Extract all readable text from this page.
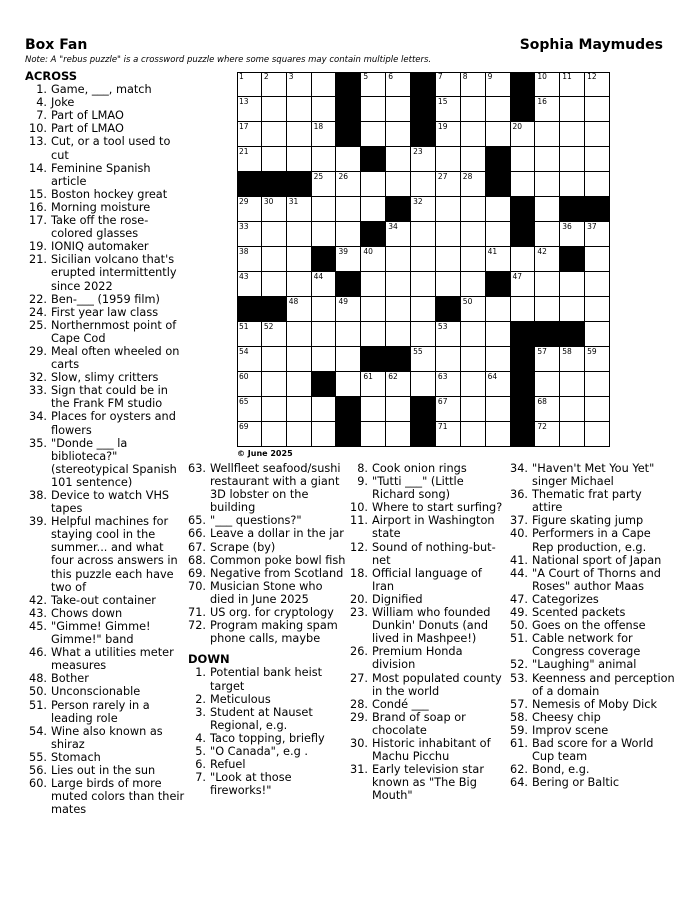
Box Fan	Sophia Maymudes
Note: A "rebus puzzle" is a crossword puzzle where some squares may contain multiple letters.
72
71
70
69
68
67
66
65
64
63
62
61
60
59
58
57
56
55
54
53
52
51
50
49
48
47
46
45
44
43
42
41
40
39
38
37
36
35
34
33
32
31
30
29
28
27
26
25
24
23
22
21
20
19
18
17
16
15
14
13
12
11
10
9
8
7
6
5
4
3
2
1
© June 2025
ACROSS
1. Game, ___, match
4. Joke
7. Part of LMAO
10. Part of LMAO
13. Cut, or a tool used to cut
14. Feminine Spanish article
15. Boston hockey great
16. Morning moisture
17. Take off the rose-colored glasses
19. IONIQ automaker
21. Sicilian volcano that's erupted intermittently since 2022
22. Ben-___ (1959 film)
24. First year law class
25. Northernmost point of Cape Cod
29. Meal often wheeled on carts
32. Slow, slimy critters
33. Sign that could be in the Frank FM studio
34. Places for oysters and flowers
35. "Donde ___ la biblioteca?" (stereotypical Spanish 101 sentence)
38. Device to watch VHS tapes
39. Helpful machines for staying cool in the summer... and what four across answers in this puzzle each have two of
42. Take-out container
43. Chows down
45. "Gimme! Gimme! Gimme!" band
46. What a utilities meter measures
48. Bother
50. Unconscionable
51. Person rarely in a leading role
54. Wine also known as shiraz
55. Stomach
56. Lies out in the sun
60. Large birds of more muted colors than their mates
63. Wellfleet seafood/sushi restaurant with a giant 3D lobster on the building
65. "___ questions?"
66. Leave a dollar in the jar
67. Scrape (by)
68. Common poke bowl fish
69. Negative from Scotland
70. Musician Stone who died in June 2025
71. US org. for cryptology
72. Program making spam phone calls, maybe
DOWN
1. Potential bank heist target
2. Meticulous
3. Student at Nauset Regional, e.g.
4. Taco topping, briefly
5. "O Canada", e.g .
6. Refuel
7. "Look at those fireworks!"
8. Cook onion rings
9. "Tutti ___" (Little Richard song)
10. Where to start surfing?
11. Airport in Washington state
12. Sound of nothing-but-net
18. Official language of Iran
20. Dignified
23. William who founded Dunkin' Donuts (and lived in Mashpee!)
26. Premium Honda division
27. Most populated county in the world
28. Condé ___
29. Brand of soap or chocolate
30. Historic inhabitant of Machu Picchu
31. Early television star known as "The Big Mouth"
34. "Haven't Met You Yet" singer Michael
36. Thematic frat party attire
37. Figure skating jump
40. Performers in a Cape Rep production, e.g.
41. National sport of Japan
44. "A Court of Thorns and Roses" author Maas
47. Categorizes
49. Scented packets
50. Goes on the offense
51. Cable network for Congress coverage
52. "Laughing" animal
53. Keenness and perception of a domain
57. Nemesis of Moby Dick
58. Cheesy chip
59. Improv scene
61. Bad score for a World Cup team
62. Bond, e.g.
64. Bering or Baltic
